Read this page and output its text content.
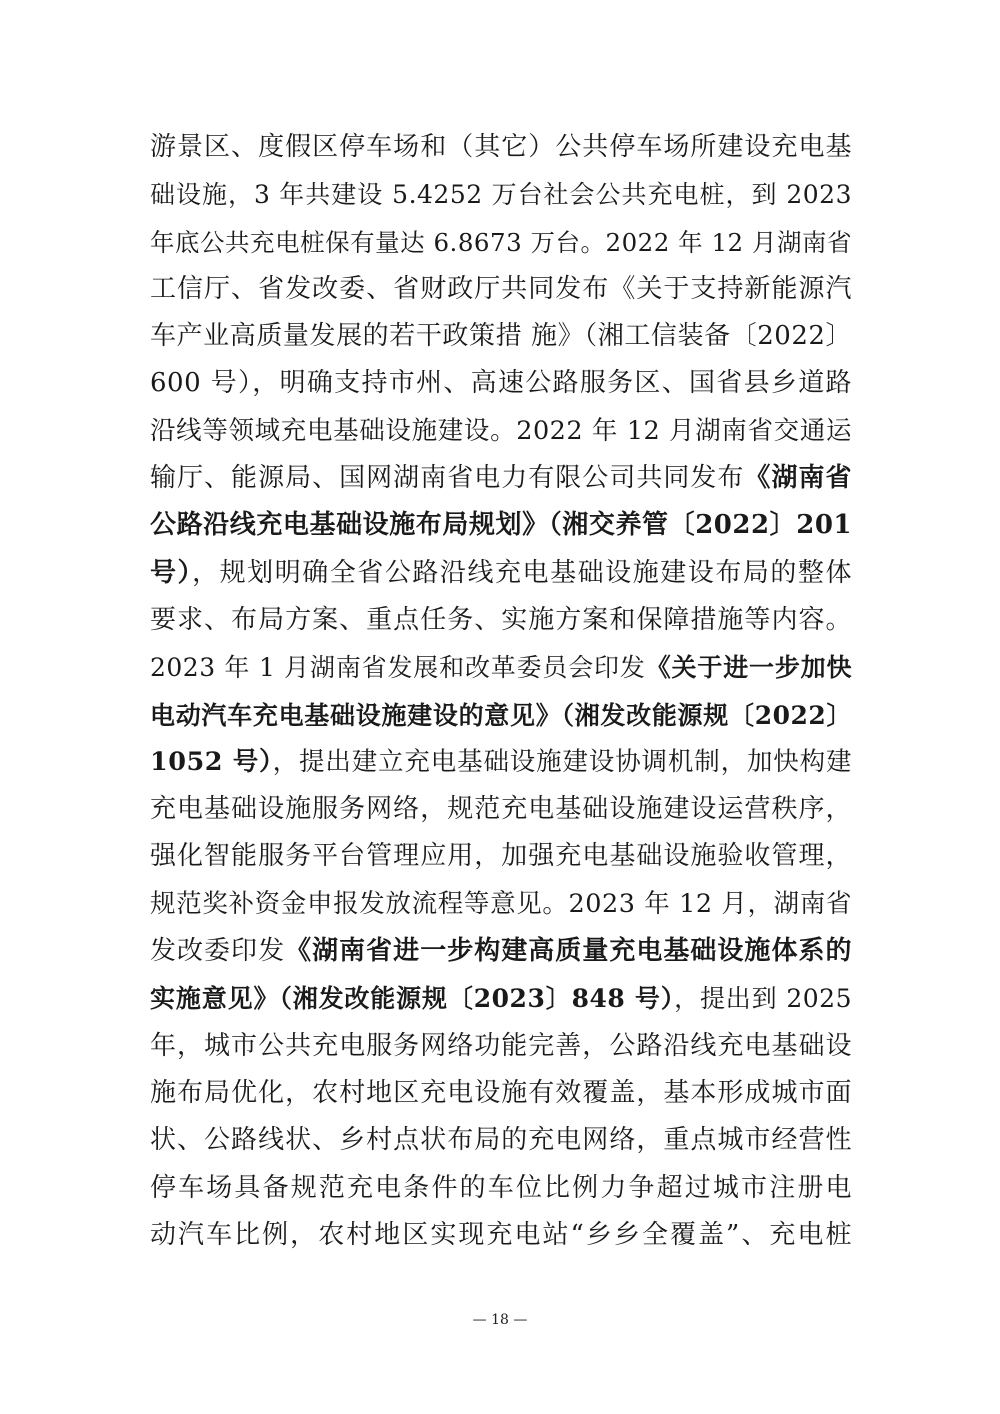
游景区、度假区停车场和（其它）公共停车场所建设充电基
础设施，3 年共建设 5.4252 万台社会公共充电桩，到 2023
年底公共充电桩保有量达 6.8673 万台。2022 年 12 月湖南省
工信厅、省发改委、省财政厅共同发布《关于支持新能源汽
车产业高质量发展的若干政策措 施》（湘工信装备〔2022〕
600 号），明确支持市州、高速公路服务区、国省县乡道路
沿线等领域充电基础设施建设。2022 年 12 月湖南省交通运
输厅、能源局、国网湖南省电力有限公司共同发布《湖南省
公路沿线充电基础设施布局规划》（湘交养管〔2022〕201
号），规划明确全省公路沿线充电基础设施建设布局的整体
要求、布局方案、重点任务、实施方案和保障措施等内容。
2023 年 1 月湖南省发展和改革委员会印发《关于进一步加快
电动汽车充电基础设施建设的意见》（湘发改能源规〔2022〕
1052 号），提出建立充电基础设施建设协调机制，加快构建
充电基础设施服务网络，规范充电基础设施建设运营秩序，
强化智能服务平台管理应用，加强充电基础设施验收管理，
规范奖补资金申报发放流程等意见。2023 年 12 月，湖南省
发改委印发《湖南省进一步构建高质量充电基础设施体系的
实施意见》（湘发改能源规〔2023〕848 号），提出到 2025
年，城市公共充电服务网络功能完善，公路沿线充电基础设
施布局优化，农村地区充电设施有效覆盖，基本形成城市面
状、公路线状、乡村点状布局的充电网络，重点城市经营性
停车场具备规范充电条件的车位比例力争超过城市注册电
动汽车比例，农村地区实现充电站“乡乡全覆盖”、充电桩
— 18 —
